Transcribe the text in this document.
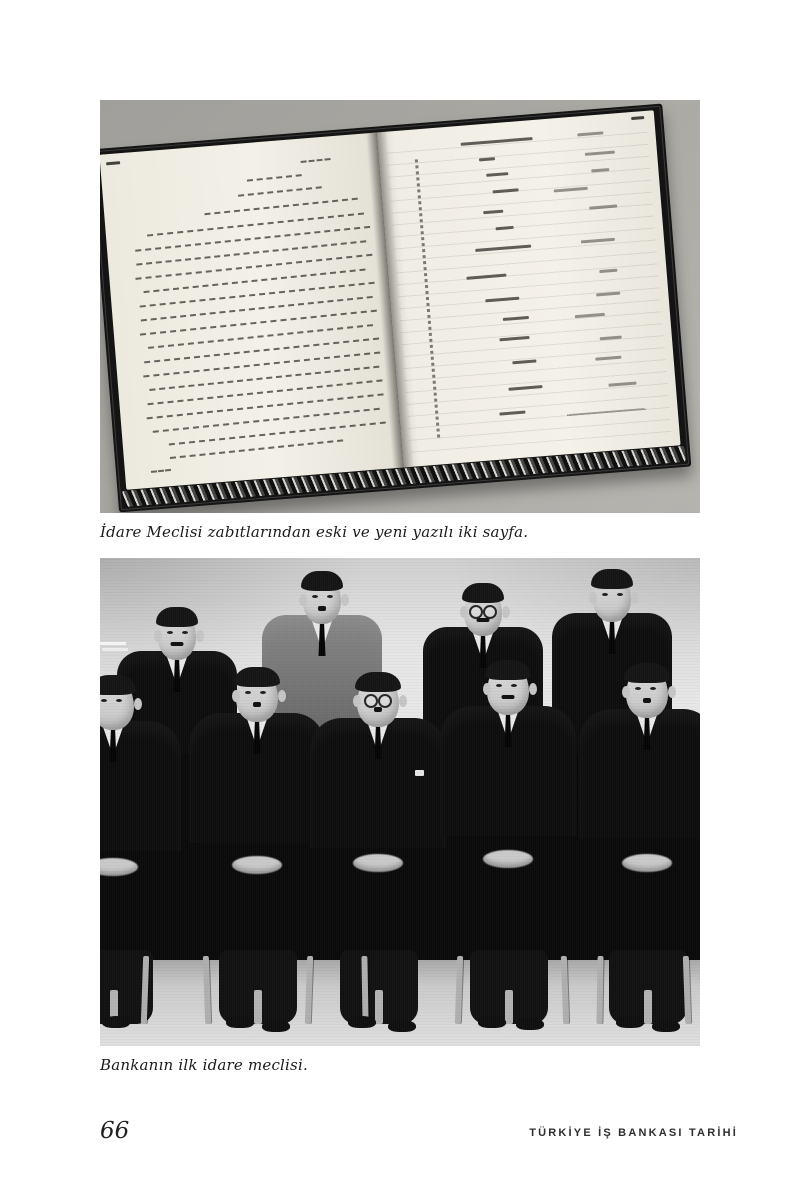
İdare Meclisi zabıtlarından eski ve yeni yazılı iki sayfa.
Bankanın ilk idare meclisi.
66	TÜRKİYE İŞ BANKASI TARİHİ
